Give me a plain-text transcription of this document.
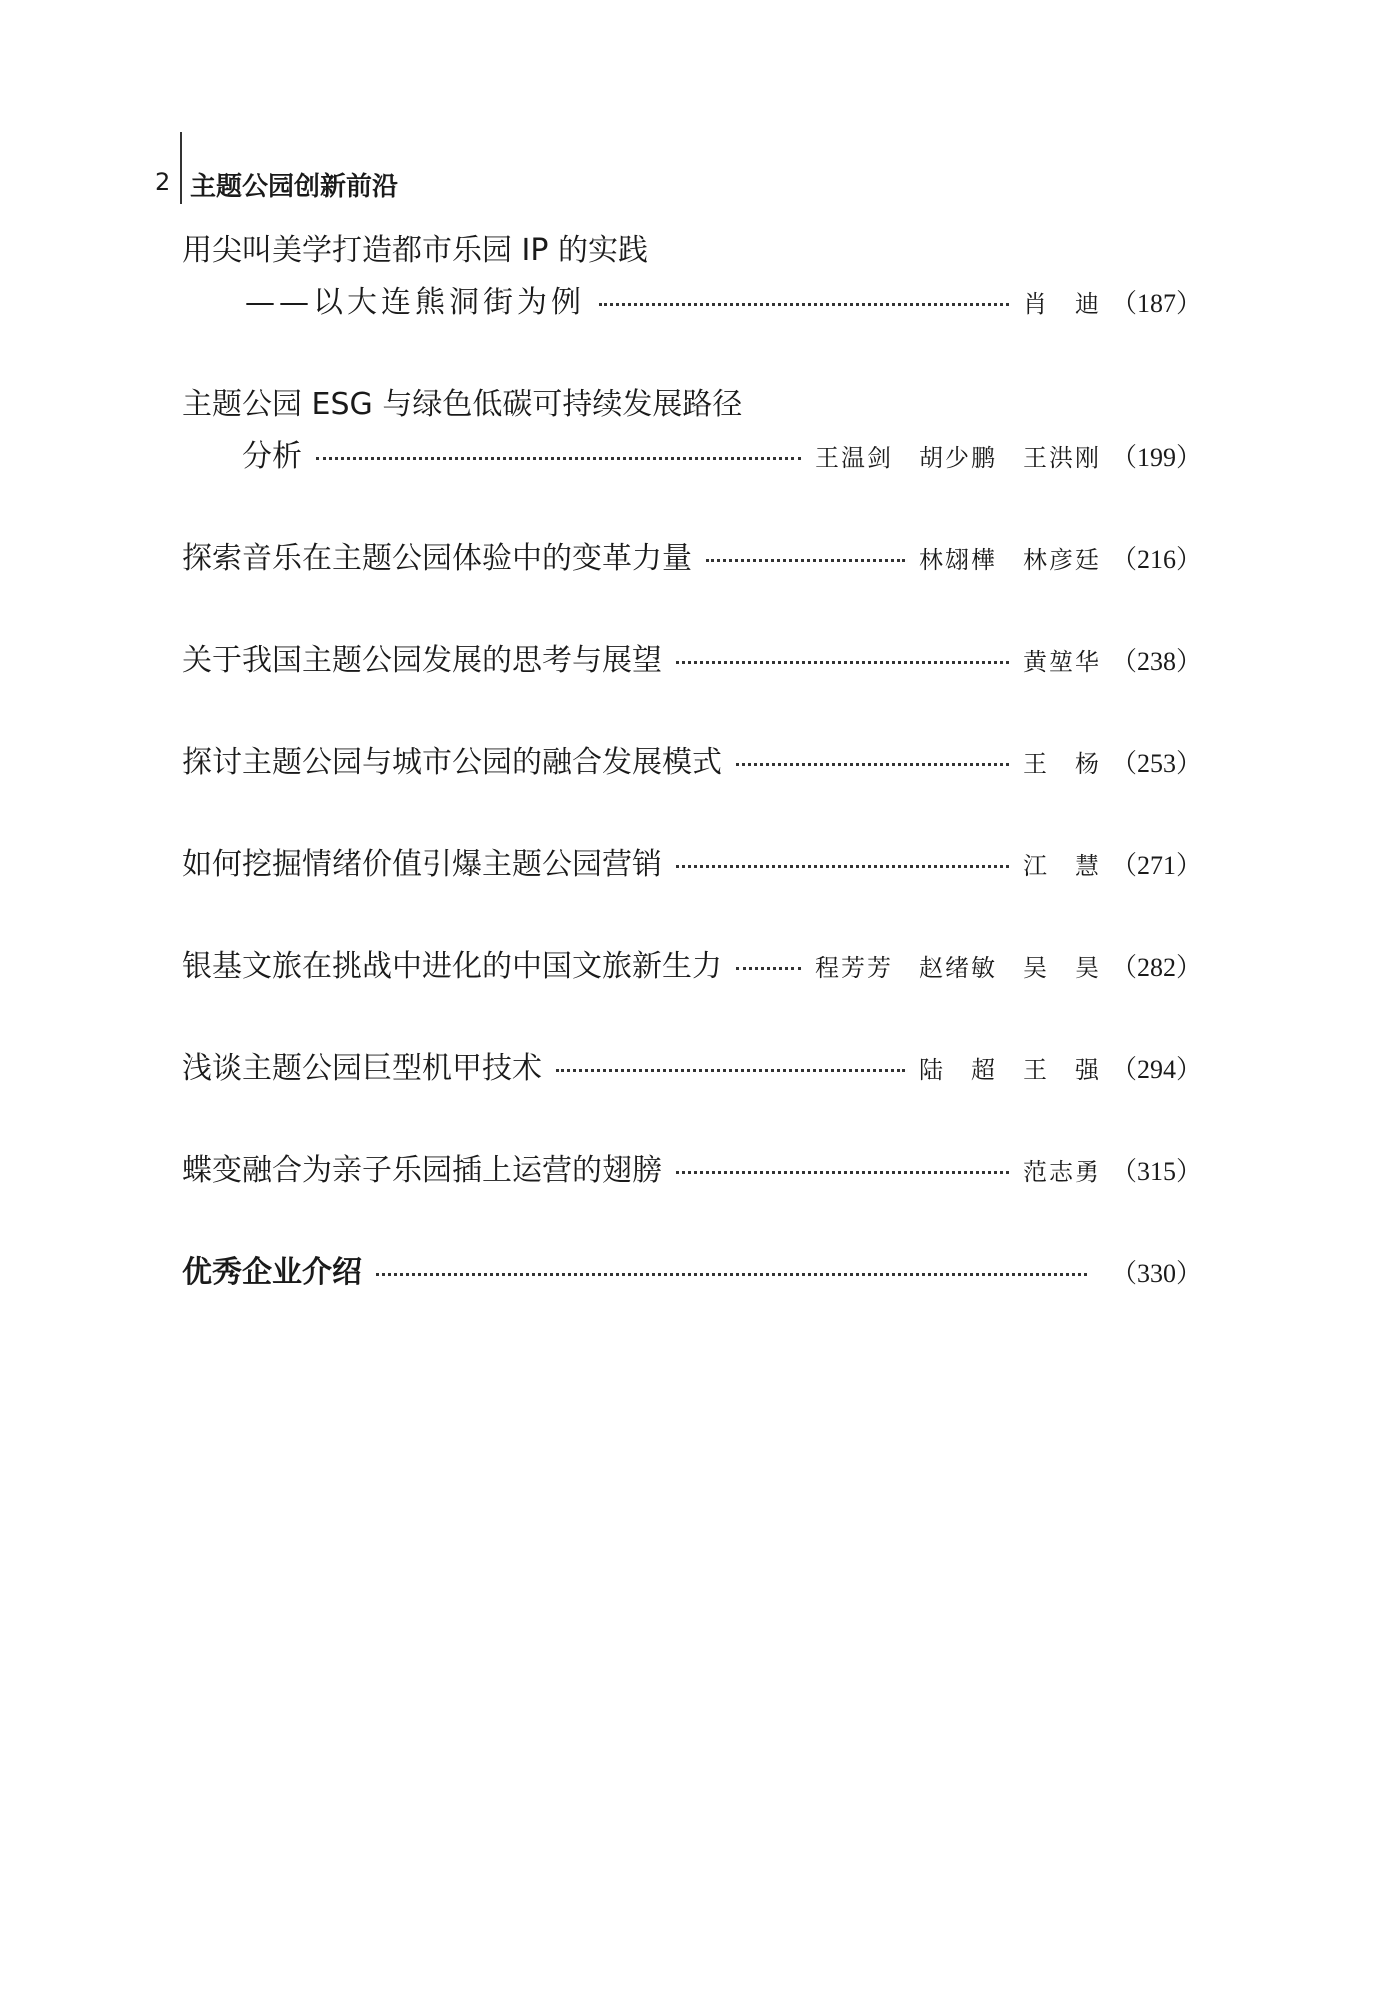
2 主题公园创新前沿
用尖叫美学打造都市乐园 IP 的实践
——以大连熊洞街为例	肖　迪 （187）
主题公园 ESG 与绿色低碳可持续发展路径
分析	王温剑　胡少鹏　王洪刚 （199）
探索音乐在主题公园体验中的变革力量	林翃樺　林彦廷 （216）
关于我国主题公园发展的思考与展望	黄堃华 （238）
探讨主题公园与城市公园的融合发展模式	王　杨 （253）
如何挖掘情绪价值引爆主题公园营销	江　慧 （271）
银基文旅在挑战中进化的中国文旅新生力	程芳芳　赵绪敏　吴　昊 （282）
浅谈主题公园巨型机甲技术	陆　超　王　强 （294）
蝶变融合为亲子乐园插上运营的翅膀	范志勇 （315）
优秀企业介绍	（330）
